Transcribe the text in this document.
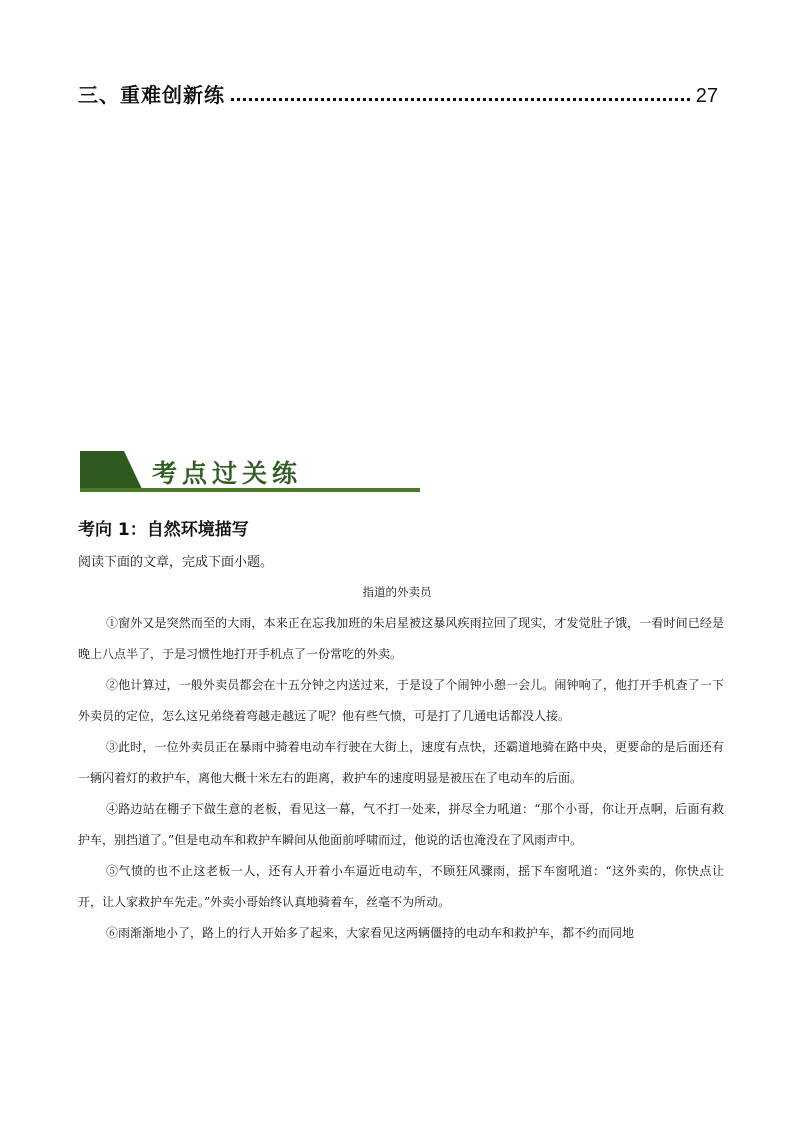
三、重难创新练	27
考点过关练
考向 1：自然环境描写
阅读下面的文章，完成下面小题。
指道的外卖员

①窗外又是突然而至的大雨，本来正在忘我加班的朱启星被这暴风疾雨拉回了现实，才发觉肚子饿，一看时间已经是晚上八点半了，于是习惯性地打开手机点了一份常吃的外卖。

②他计算过，一般外卖员都会在十五分钟之内送过来，于是设了个闹钟小憩一会儿。闹钟响了，他打开手机查了一下外卖员的定位，怎么这兄弟绕着弯越走越远了呢？他有些气愤，可是打了几通电话都没人接。

③此时，一位外卖员正在暴雨中骑着电动车行驶在大街上，速度有点快，还霸道地骑在路中央，更要命的是后面还有一辆闪着灯的救护车，离他大概十米左右的距离，救护车的速度明显是被压在了电动车的后面。

④路边站在棚子下做生意的老板，看见这一幕，气不打一处来，拼尽全力吼道：“那个小哥，你让开点啊，后面有救护车，别挡道了。”但是电动车和救护车瞬间从他面前呼啸而过，他说的话也淹没在了风雨声中。

⑤气愤的也不止这老板一人，还有人开着小车逼近电动车，不顾狂风骤雨，摇下车窗吼道：“这外卖的，你快点让开，让人家救护车先走。”外卖小哥始终认真地骑着车，丝毫不为所动。

⑥雨渐渐地小了，路上的行人开始多了起来，大家看见这两辆僵持的电动车和救护车，都不约而同地
